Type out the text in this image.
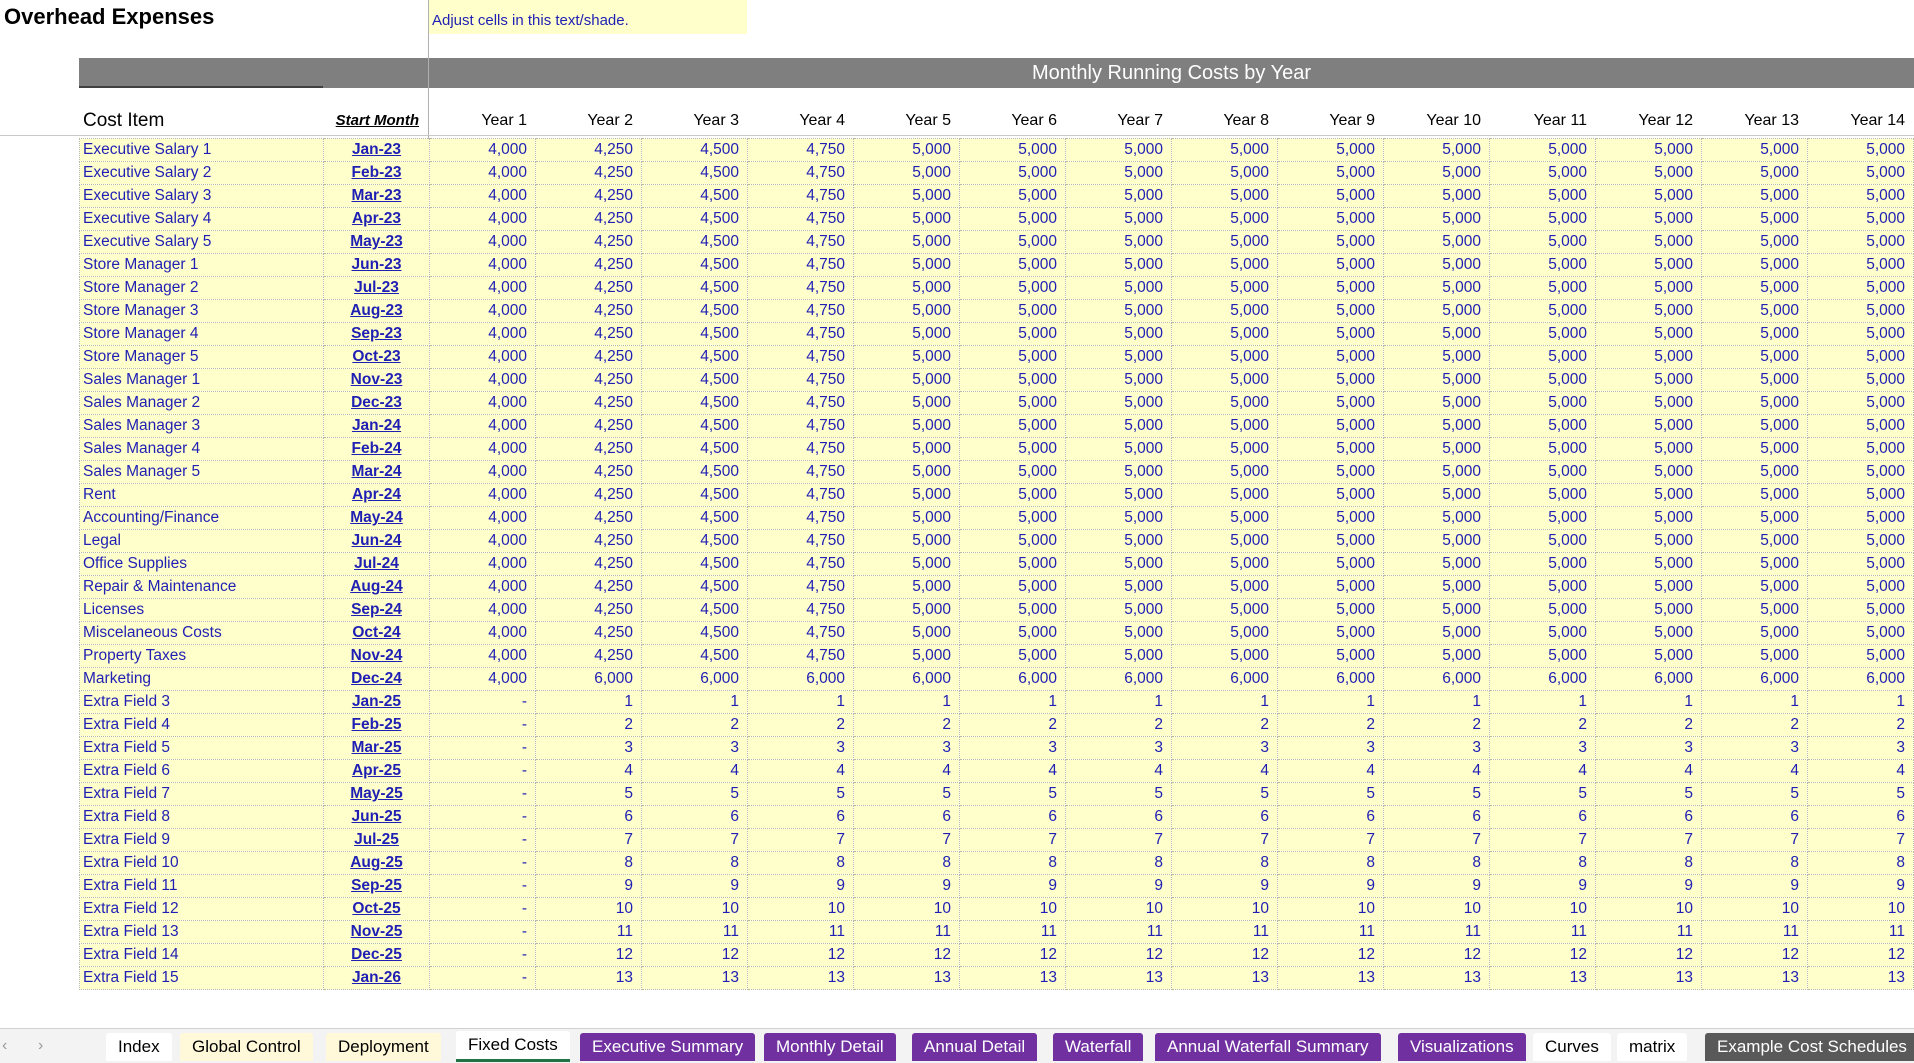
Overhead Expenses	Adjust cells in this text/shade.
Monthly Running Costs by Year
Cost Item	Start Month	Year 1	Year 2	Year 3	Year 4	Year 5	Year 6	Year 7	Year 8	Year 9	Year 10	Year 11	Year 12	Year 13	Year 14
Executive Salary 1	Jan-23	4,000	4,250	4,500	4,750	5,000	5,000	5,000	5,000	5,000	5,000	5,000	5,000	5,000	5,000
Executive Salary 2	Feb-23	4,000	4,250	4,500	4,750	5,000	5,000	5,000	5,000	5,000	5,000	5,000	5,000	5,000	5,000
Executive Salary 3	Mar-23	4,000	4,250	4,500	4,750	5,000	5,000	5,000	5,000	5,000	5,000	5,000	5,000	5,000	5,000
Executive Salary 4	Apr-23	4,000	4,250	4,500	4,750	5,000	5,000	5,000	5,000	5,000	5,000	5,000	5,000	5,000	5,000
Executive Salary 5	May-23	4,000	4,250	4,500	4,750	5,000	5,000	5,000	5,000	5,000	5,000	5,000	5,000	5,000	5,000
Store Manager 1	Jun-23	4,000	4,250	4,500	4,750	5,000	5,000	5,000	5,000	5,000	5,000	5,000	5,000	5,000	5,000
Store Manager 2	Jul-23	4,000	4,250	4,500	4,750	5,000	5,000	5,000	5,000	5,000	5,000	5,000	5,000	5,000	5,000
Store Manager 3	Aug-23	4,000	4,250	4,500	4,750	5,000	5,000	5,000	5,000	5,000	5,000	5,000	5,000	5,000	5,000
Store Manager 4	Sep-23	4,000	4,250	4,500	4,750	5,000	5,000	5,000	5,000	5,000	5,000	5,000	5,000	5,000	5,000
Store Manager 5	Oct-23	4,000	4,250	4,500	4,750	5,000	5,000	5,000	5,000	5,000	5,000	5,000	5,000	5,000	5,000
Sales Manager 1	Nov-23	4,000	4,250	4,500	4,750	5,000	5,000	5,000	5,000	5,000	5,000	5,000	5,000	5,000	5,000
Sales Manager 2	Dec-23	4,000	4,250	4,500	4,750	5,000	5,000	5,000	5,000	5,000	5,000	5,000	5,000	5,000	5,000
Sales Manager 3	Jan-24	4,000	4,250	4,500	4,750	5,000	5,000	5,000	5,000	5,000	5,000	5,000	5,000	5,000	5,000
Sales Manager 4	Feb-24	4,000	4,250	4,500	4,750	5,000	5,000	5,000	5,000	5,000	5,000	5,000	5,000	5,000	5,000
Sales Manager 5	Mar-24	4,000	4,250	4,500	4,750	5,000	5,000	5,000	5,000	5,000	5,000	5,000	5,000	5,000	5,000
Rent	Apr-24	4,000	4,250	4,500	4,750	5,000	5,000	5,000	5,000	5,000	5,000	5,000	5,000	5,000	5,000
Accounting/Finance	May-24	4,000	4,250	4,500	4,750	5,000	5,000	5,000	5,000	5,000	5,000	5,000	5,000	5,000	5,000
Legal	Jun-24	4,000	4,250	4,500	4,750	5,000	5,000	5,000	5,000	5,000	5,000	5,000	5,000	5,000	5,000
Office Supplies	Jul-24	4,000	4,250	4,500	4,750	5,000	5,000	5,000	5,000	5,000	5,000	5,000	5,000	5,000	5,000
Repair & Maintenance	Aug-24	4,000	4,250	4,500	4,750	5,000	5,000	5,000	5,000	5,000	5,000	5,000	5,000	5,000	5,000
Licenses	Sep-24	4,000	4,250	4,500	4,750	5,000	5,000	5,000	5,000	5,000	5,000	5,000	5,000	5,000	5,000
Miscelaneous Costs	Oct-24	4,000	4,250	4,500	4,750	5,000	5,000	5,000	5,000	5,000	5,000	5,000	5,000	5,000	5,000
Property Taxes	Nov-24	4,000	4,250	4,500	4,750	5,000	5,000	5,000	5,000	5,000	5,000	5,000	5,000	5,000	5,000
Marketing	Dec-24	4,000	6,000	6,000	6,000	6,000	6,000	6,000	6,000	6,000	6,000	6,000	6,000	6,000	6,000
Extra Field 3	Jan-25	-	1	1	1	1	1	1	1	1	1	1	1	1	1
Extra Field 4	Feb-25	-	2	2	2	2	2	2	2	2	2	2	2	2	2
Extra Field 5	Mar-25	-	3	3	3	3	3	3	3	3	3	3	3	3	3
Extra Field 6	Apr-25	-	4	4	4	4	4	4	4	4	4	4	4	4	4
Extra Field 7	May-25	-	5	5	5	5	5	5	5	5	5	5	5	5	5
Extra Field 8	Jun-25	-	6	6	6	6	6	6	6	6	6	6	6	6	6
Extra Field 9	Jul-25	-	7	7	7	7	7	7	7	7	7	7	7	7	7
Extra Field 10	Aug-25	-	8	8	8	8	8	8	8	8	8	8	8	8	8
Extra Field 11	Sep-25	-	9	9	9	9	9	9	9	9	9	9	9	9	9
Extra Field 12	Oct-25	-	10	10	10	10	10	10	10	10	10	10	10	10	10
Extra Field 13	Nov-25	-	11	11	11	11	11	11	11	11	11	11	11	11	11
Extra Field 14	Dec-25	-	12	12	12	12	12	12	12	12	12	12	12	12	12
Extra Field 15	Jan-26	-	13	13	13	13	13	13	13	13	13	13	13	13	13
‹ ›	Index	Global Control	Deployment	Fixed Costs	Executive Summary	Monthly Detail	Annual Detail	Waterfall	Annual Waterfall Summary	Visualizations	Curves	matrix	Example Cost Schedules
